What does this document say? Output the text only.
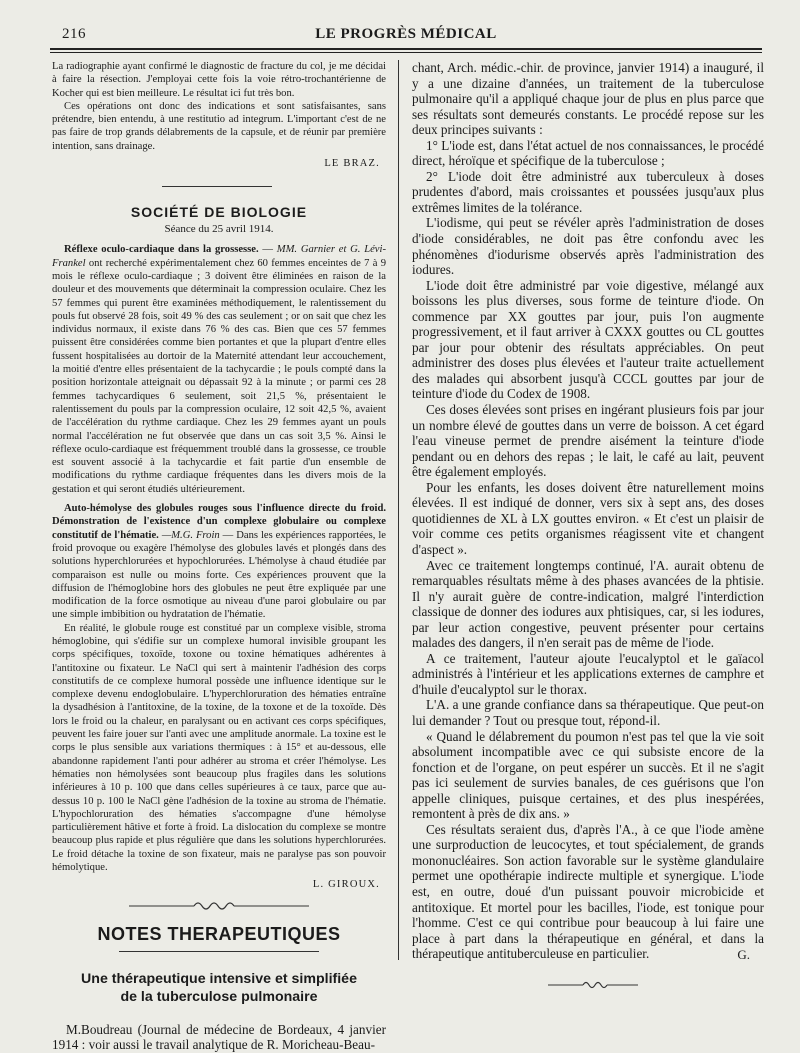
216	LE PROGRÈS MÉDICAL

La radiographie ayant confirmé le diagnostic de fracture du col, je me décidai à faire la résection. J'employai cette fois la voie rétro-trochantérienne de Kocher qui est bien meilleure. Le résultat ici fut très bon.

Ces opérations ont donc des indications et sont satisfaisantes, sans prétendre, bien entendu, à une restitutio ad integrum. L'important c'est de ne pas faire de trop grands délabrements de la capsule, et de réunir par première intention, sans drainage.

LE BRAZ.
SOCIÉTÉ DE BIOLOGIE
Séance du 25 avril 1914.

Réflexe oculo-cardiaque dans la grossesse. — MM. Garnier et G. Lévi-Frankel ont recherché expérimentalement chez 60 femmes enceintes de 7 à 9 mois le réflexe oculo-cardiaque ; 3 doivent être éliminées en raison de la douleur et des mouvements que déterminait la compression oculaire. Chez les 57 femmes qui purent être examinées méthodiquement, le ralentissement du pouls fut observé 28 fois, soit 49 % des cas seulement ; or on sait que chez les individus normaux, il existe dans 76 % des cas. Bien que ces 57 femmes puissent être considérées comme bien portantes et que la plupart d'entre elles fussent hospitalisées au dortoir de la Maternité attendant leur accouchement, la moitié d'entre elles présentaient de la tachycardie ; le pouls compté dans la position horizontale atteignait ou dépassait 92 à la minute ; or parmi ces 28 femmes tachycardiques 6 seulement, soit 21,5 %, présentaient le ralentissement du pouls par la compression oculaire, 12 soit 42,5 %, avaient de l'accélération du rythme cardiaque. Chez les 29 femmes ayant un pouls normal l'accélération ne fut observée que dans un cas soit 3,5 %. Ainsi le réflexe oculo-cardiaque est fréquemment troublé dans la grossesse, ce trouble est souvent associé à la tachycardie et fait partie d'un ensemble de modifications du rythme cardiaque fréquentes dans les divers mois de la gestation et qui seront étudiés ultérieurement.

Auto-hémolyse des globules rouges sous l'influence directe du froid. Démonstration de l'existence d'un complexe globulaire ou complexe constitutif de l'hématie. —M.G. Froin — Dans les expériences rapportées, le froid provoque ou exagère l'hémolyse des globules lavés et plongés dans des solutions hyperchlorurées et hypochlorurées. L'hémolyse à chaud étudiée par comparaison est nulle ou moins forte. Ces expériences prouvent que la diffusion de l'hémoglobine hors des globules ne peut être expliquée par une modification de la force osmotique au niveau d'une paroi globulaire ou par une simple imbibition ou hydratation de l'hématie.

En réalité, le globule rouge est constitué par un complexe visible, stroma hémoglobine, qui s'édifie sur un complexe humoral invisible groupant les corps spécifiques, toxoïde, toxone ou toxine hématiques adhérentes à l'antitoxine ou fixateur. Le NaCl qui sert à maintenir l'adhésion des corps constitutifs de ce complexe humoral possède une influence identique sur le complexe devenu endoglobulaire. L'hyperchloruration des hématies entraîne la dysadhésion à l'antitoxine, de la toxine, de la toxone et de la toxoïde. Dès lors le froid ou la chaleur, en paralysant ou en activant ces corps spécifiques, peuvent les faire jouer sur l'anti avec une amplitude anormale. La toxine est le corps le plus sensible aux variations thermiques : à 15° et au-dessous, elle abandonne rapidement l'anti pour adhérer au stroma et créer l'hémolyse. Les hématies non hémolysées sont beaucoup plus fragiles dans les solutions inférieures à 10 p. 100 que dans celles supérieures à ce taux, parce que au-dessus 10 p. 100 le NaCl gène l'adhésion de la toxine au stroma de l'hématie. L'hypochloruration des hématies s'accompagne d'une hémolyse particulièrement hâtive et forte à froid. La dislocation du complexe se montre beaucoup plus rapide et plus régulière que dans les solutions hyperchlorurées. Le froid détache la toxine de son fixateur, mais ne paralyse pas son pouvoir hémolytique.

L. GIROUX.
NOTES THERAPEUTIQUES
Une thérapeutique intensive et simplifiée
de la tuberculose pulmonaire

M.Boudreau (Journal de médecine de Bordeaux, 4 janvier 1914 : voir aussi le travail analytique de R. Moricheau-Beau-

chant, Arch. médic.-chir. de province, janvier 1914) a inauguré, il y a une dizaine d'années, un traitement de la tuberculose pulmonaire qu'il a appliqué chaque jour de plus en plus parce que ses résultats sont demeurés constants. Le procédé repose sur les deux principes suivants :

1° L'iode est, dans l'état actuel de nos connaissances, le procédé direct, héroïque et spécifique de la tuberculose ;

2° L'iode doit être administré aux tuberculeux à doses prudentes d'abord, mais croissantes et poussées jusqu'aux plus extrêmes limites de la tolérance.

L'iodisme, qui peut se révéler après l'administration de doses d'iode considérables, ne doit pas être confondu avec les phénomènes d'iodurisme observés après l'administration des iodures.

L'iode doit être administré par voie digestive, mélangé aux boissons les plus diverses, sous forme de teinture d'iode. On commence par XX gouttes par jour, puis l'on augmente progressivement, et il faut arriver à CXXX gouttes ou CL gouttes par jour pour obtenir des résultats appréciables. On peut administrer des doses plus élevées et l'auteur traite actuellement des malades qui absorbent jusqu'à CCCL gouttes par jour de teinture d'iode du Codex de 1908.

Ces doses élevées sont prises en ingérant plusieurs fois par jour un nombre élevé de gouttes dans un verre de boisson. A cet égard l'eau vineuse permet de prendre aisément la teinture d'iode pendant ou en dehors des repas ; le lait, le café au lait, peuvent être également employés.

Pour les enfants, les doses doivent être naturellement moins élevées. Il est indiqué de donner, vers six à sept ans, des doses quotidiennes de XL à LX gouttes environ. « Et c'est un plaisir de voir comme ces petits organismes réagissent vite et changent d'aspect ».

Avec ce traitement longtemps continué, l'A. aurait obtenu de remarquables résultats même à des phases avancées de la phtisie. Il n'y aurait guère de contre-indication, malgré l'interdiction classique de donner des iodures aux phtisiques, car, si les iodures, par leur action congestive, peuvent présenter pour certains malades des dangers, il n'en serait pas de même de l'iode.

A ce traitement, l'auteur ajoute l'eucalyptol et le gaïacol administrés à l'intérieur et les applications externes de camphre et d'huile d'eucalyptol sur le thorax.

L'A. a une grande confiance dans sa thérapeutique. Que peut-on lui demander ? Tout ou presque tout, répond-il.

« Quand le délabrement du poumon n'est pas tel que la vie soit absolument incompatible avec ce qui subsiste encore de la fonction et de l'organe, on peut espérer un succès. Et il ne s'agit pas ici seulement de survies banales, de ces guérisons que l'on appelle cliniques, puisque certaines, et des plus inespérées, remontent à près de dix ans. »

Ces résultats seraient dus, d'après l'A., à ce que l'iode amène une surproduction de leucocytes, et tout spécialement, de grands mononucléaires. Son action favorable sur le système glandulaire permet une opothérapie indirecte multiple et synergique. L'iode est, en outre, doué d'un puissant pouvoir microbicide et antitoxique. Et mortel pour les bacilles, l'iode, est tonique pour l'homme. C'est ce qui contribue pour beaucoup à lui faire une place à part dans la thérapeutique en général, et dans la thérapeutique antituberculeuse en particulier.	G.
